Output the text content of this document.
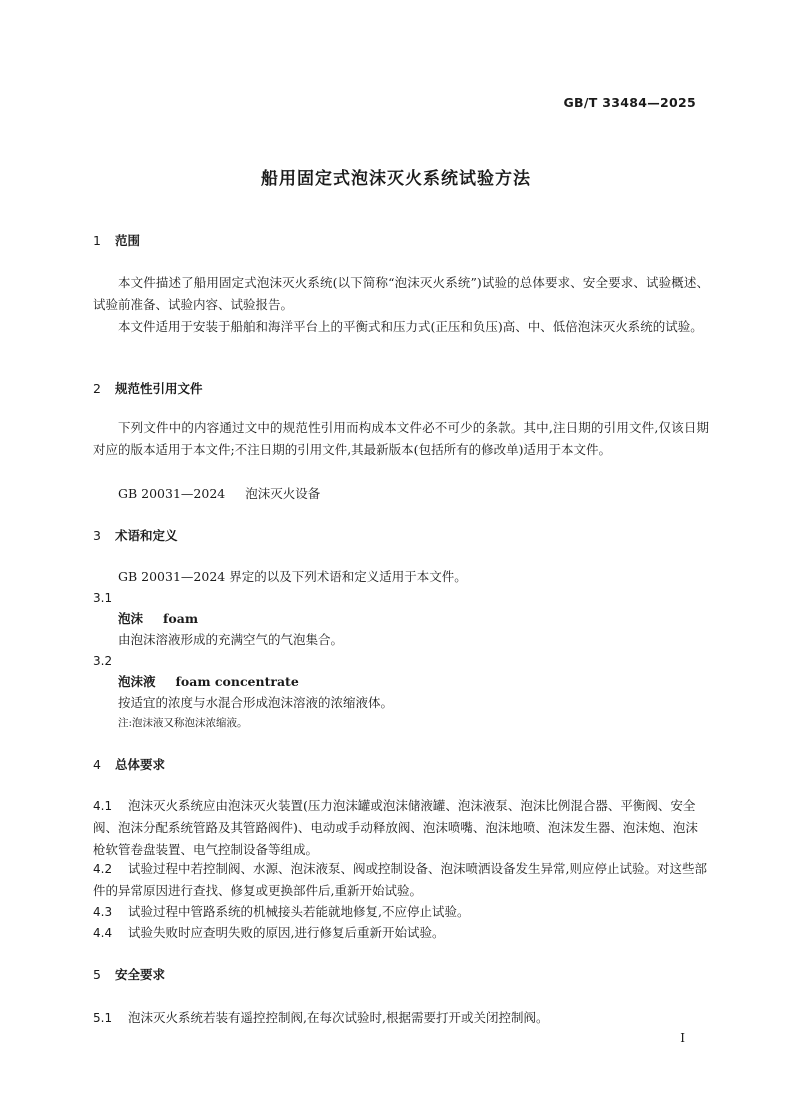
GB/T 33484—2025
船用固定式泡沫灭火系统试验方法
1 范围
本文件描述了船用固定式泡沫灭火系统(以下简称“泡沫灭火系统”)试验的总体要求、安全要求、试验概述、试验前准备、试验内容、试验报告。
本文件适用于安装于船舶和海洋平台上的平衡式和压力式(正压和负压)高、中、低倍泡沫灭火系统的试验。
2 规范性引用文件
下列文件中的内容通过文中的规范性引用而构成本文件必不可少的条款。其中,注日期的引用文件,仅该日期对应的版本适用于本文件;不注日期的引用文件,其最新版本(包括所有的修改单)适用于本文件。
GB 20031—2024 泡沫灭火设备
3 术语和定义
GB 20031—2024 界定的以及下列术语和定义适用于本文件。
3.1
泡沫 foam
由泡沫溶液形成的充满空气的气泡集合。
3.2
泡沫液 foam concentrate
按适宜的浓度与水混合形成泡沫溶液的浓缩液体。
注:泡沫液又称泡沫浓缩液。
4 总体要求
4.1 泡沫灭火系统应由泡沫灭火装置(压力泡沫罐或泡沫储液罐、泡沫液泵、泡沫比例混合器、平衡阀、安全阀、泡沫分配系统管路及其管路阀件)、电动或手动释放阀、泡沫喷嘴、泡沫地喷、泡沫发生器、泡沫炮、泡沫枪软管卷盘装置、电气控制设备等组成。
4.2 试验过程中若控制阀、水源、泡沫液泵、阀或控制设备、泡沫喷洒设备发生异常,则应停止试验。对这些部件的异常原因进行查找、修复或更换部件后,重新开始试验。
4.3 试验过程中管路系统的机械接头若能就地修复,不应停止试验。
4.4 试验失败时应查明失败的原因,进行修复后重新开始试验。
5 安全要求
5.1 泡沫灭火系统若装有遥控控制阀,在每次试验时,根据需要打开或关闭控制阀。
I
